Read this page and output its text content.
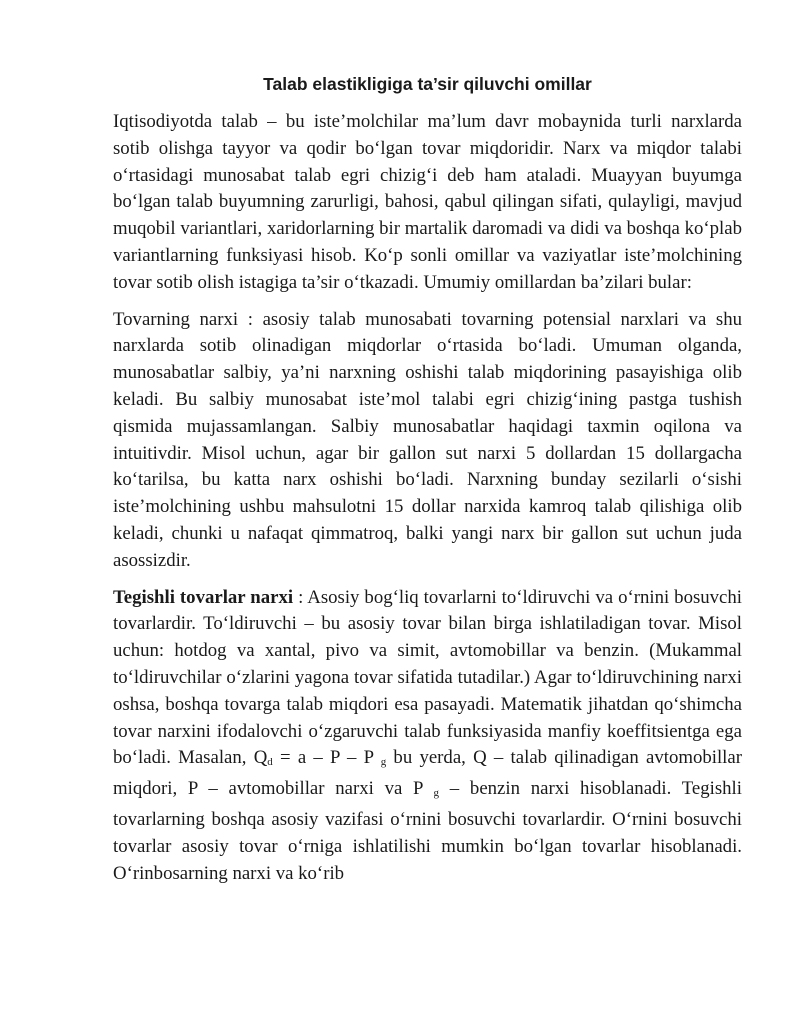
Talab elastikligiga ta’sir qiluvchi omillar

Iqtisodiyotda talab – bu iste’molchilar ma’lum davr mobaynida turli narxlarda sotib olishga tayyor va qodir bo‘lgan tovar miqdoridir. Narx va miqdor talabi o‘rtasidagi munosabat talab egri chizig‘i deb ham ataladi. Muayyan buyumga bo‘lgan talab buyumning zarurligi, bahosi, qabul qilingan sifati, qulayligi, mavjud muqobil variantlari, xaridorlarning bir martalik daromadi va didi va boshqa ko‘plab variantlarning funksiyasi hisob. Ko‘p sonli omillar va vaziyatlar iste’molchining tovar sotib olish istagiga ta’sir o‘tkazadi. Umumiy omillardan ba’zilari bular:

Tovarning narxi : asosiy talab munosabati tovarning potensial narxlari va shu narxlarda sotib olinadigan miqdorlar o‘rtasida bo‘ladi. Umuman olganda, munosabatlar salbiy, ya’ni narxning oshishi talab miqdorining pasayishiga olib keladi. Bu salbiy munosabat iste’mol talabi egri chizig‘ining pastga tushish qismida mujassamlangan. Salbiy munosabatlar haqidagi taxmin oqilona va intuitivdir. Misol uchun, agar bir gallon sut narxi 5 dollardan 15 dollargacha ko‘tarilsa, bu katta narx oshishi bo‘ladi. Narxning bunday sezilarli o‘sishi iste’molchining ushbu mahsulotni 15 dollar narxida kamroq talab qilishiga olib keladi, chunki u nafaqat qimmatroq, balki yangi narx bir gallon sut uchun juda asossizdir.

Tegishli tovarlar narxi : Asosiy bog‘liq tovarlarni to‘ldiruvchi va o‘rnini bosuvchi tovarlardir. To‘ldiruvchi – bu asosiy tovar bilan birga ishlatiladigan tovar. Misol uchun: hotdog va xantal, pivo va simit, avtomobillar va benzin. (Mukammal to‘ldiruvchilar o‘zlarini yagona tovar sifatida tutadilar.) Agar to‘ldiruvchining narxi oshsa, boshqa tovarga talab miqdori esa pasayadi. Matematik jihatdan qo‘shimcha tovar narxini ifodalovchi o‘zgaruvchi talab funksiyasida manfiy koeffitsientga ega bo‘ladi. Masalan, Qd = a – P – P g bu yerda, Q – talab qilinadigan avtomobillar miqdori, P – avtomobillar narxi va P g – benzin narxi hisoblanadi. Tegishli tovarlarning boshqa asosiy vazifasi o‘rnini bosuvchi tovarlardir. O‘rnini bosuvchi tovarlar asosiy tovar o‘rniga ishlatilishi mumkin bo‘lgan tovarlar hisoblanadi. O‘rinbosarning narxi va ko‘rib
